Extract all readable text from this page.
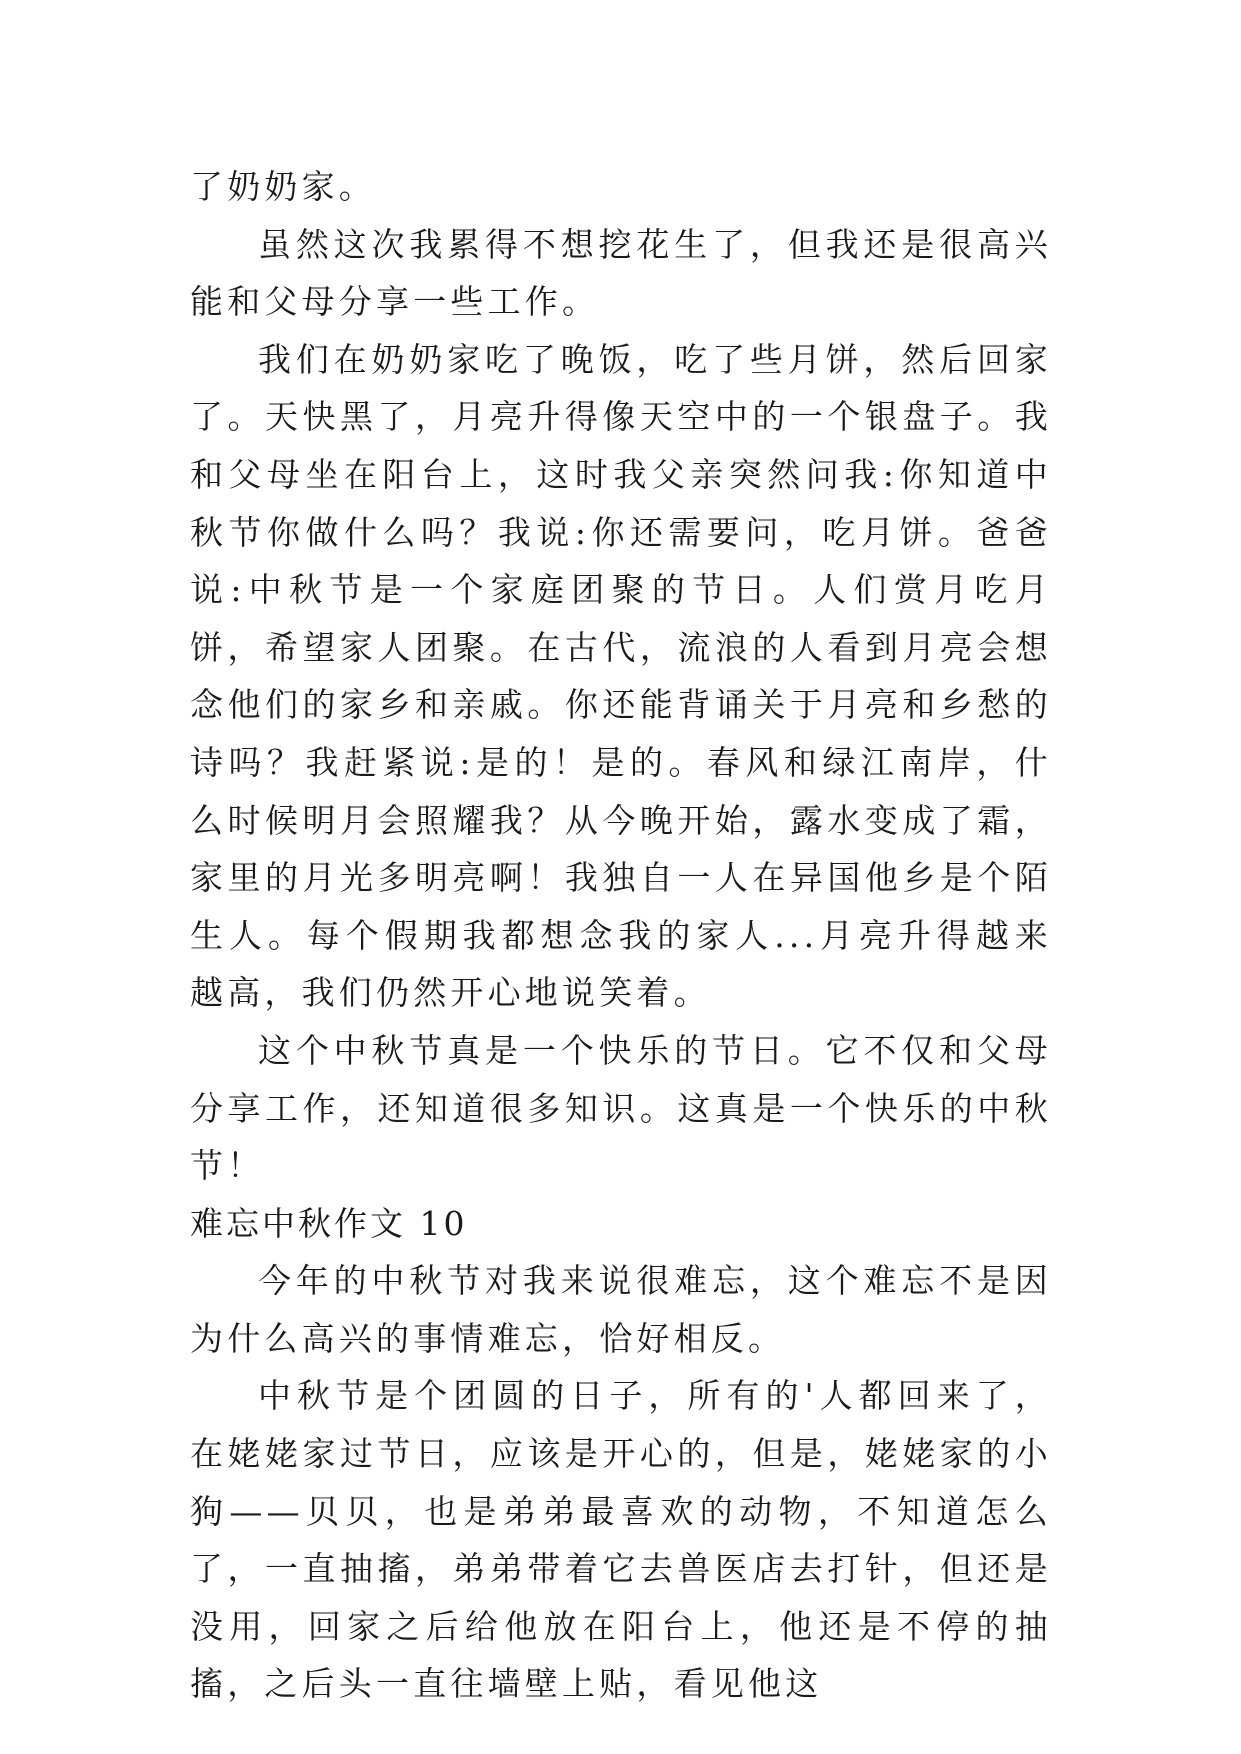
了奶奶家。

虽然这次我累得不想挖花生了，但我还是很高兴能和父母分享一些工作。

我们在奶奶家吃了晚饭，吃了些月饼，然后回家了。天快黑了，月亮升得像天空中的一个银盘子。我和父母坐在阳台上，这时我父亲突然问我:你知道中秋节你做什么吗？我说:你还需要问，吃月饼。爸爸说:中秋节是一个家庭团聚的节日。人们赏月吃月饼，希望家人团聚。在古代，流浪的人看到月亮会想念他们的家乡和亲戚。你还能背诵关于月亮和乡愁的诗吗？我赶紧说:是的！是的。春风和绿江南岸，什么时候明月会照耀我？从今晚开始，露水变成了霜，家里的月光多明亮啊！我独自一人在异国他乡是个陌生人。每个假期我都想念我的家人...月亮升得越来越高，我们仍然开心地说笑着。

这个中秋节真是一个快乐的节日。它不仅和父母分享工作，还知道很多知识。这真是一个快乐的中秋节！

难忘中秋作文 10

今年的中秋节对我来说很难忘，这个难忘不是因为什么高兴的事情难忘，恰好相反。

中秋节是个团圆的日子，所有的'人都回来了，在姥姥家过节日，应该是开心的，但是，姥姥家的小狗——贝贝，也是弟弟最喜欢的动物，不知道怎么了，一直抽搐，弟弟带着它去兽医店去打针，但还是没用，回家之后给他放在阳台上，他还是不停的抽搐，之后头一直往墙壁上贴，看见他这
